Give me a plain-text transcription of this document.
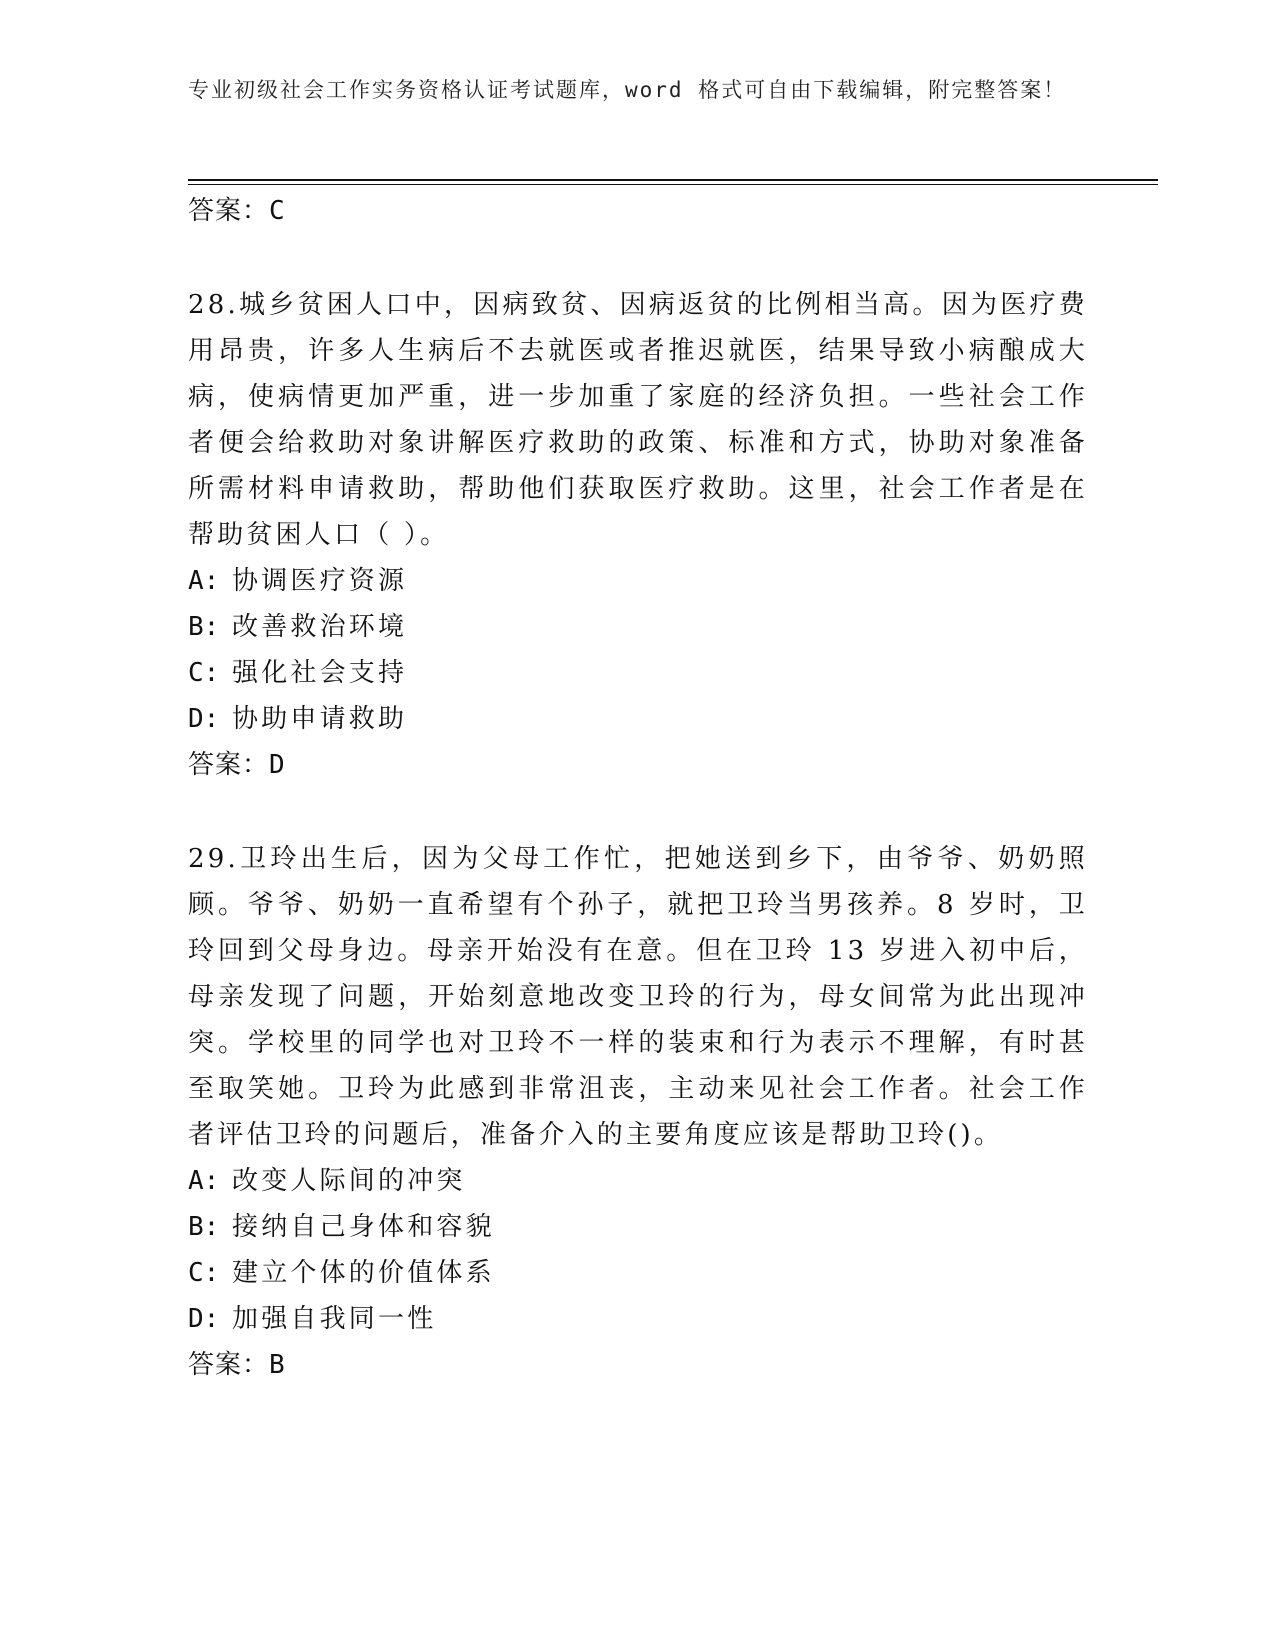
专业初级社会工作实务资格认证考试题库，word 格式可自由下载编辑，附完整答案！
答案：C
28.城乡贫困人口中，因病致贫、因病返贫的比例相当高。因为医疗费用昂贵，许多人生病后不去就医或者推迟就医，结果导致小病酿成大病，使病情更加严重，进一步加重了家庭的经济负担。一些社会工作者便会给救助对象讲解医疗救助的政策、标准和方式，协助对象准备所需材料申请救助，帮助他们获取医疗救助。这里，社会工作者是在帮助贫困人口（ ）。
A: 协调医疗资源
B: 改善救治环境
C: 强化社会支持
D: 协助申请救助
答案：D
29.卫玲出生后，因为父母工作忙，把她送到乡下，由爷爷、奶奶照顾。爷爷、奶奶一直希望有个孙子，就把卫玲当男孩养。8 岁时，卫玲回到父母身边。母亲开始没有在意。但在卫玲 13 岁进入初中后，母亲发现了问题，开始刻意地改变卫玲的行为，母女间常为此出现冲突。学校里的同学也对卫玲不一样的装束和行为表示不理解，有时甚至取笑她。卫玲为此感到非常沮丧，主动来见社会工作者。社会工作者评估卫玲的问题后，准备介入的主要角度应该是帮助卫玲()。
A: 改变人际间的冲突
B: 接纳自己身体和容貌
C: 建立个体的价值体系
D: 加强自我同一性
答案：B
